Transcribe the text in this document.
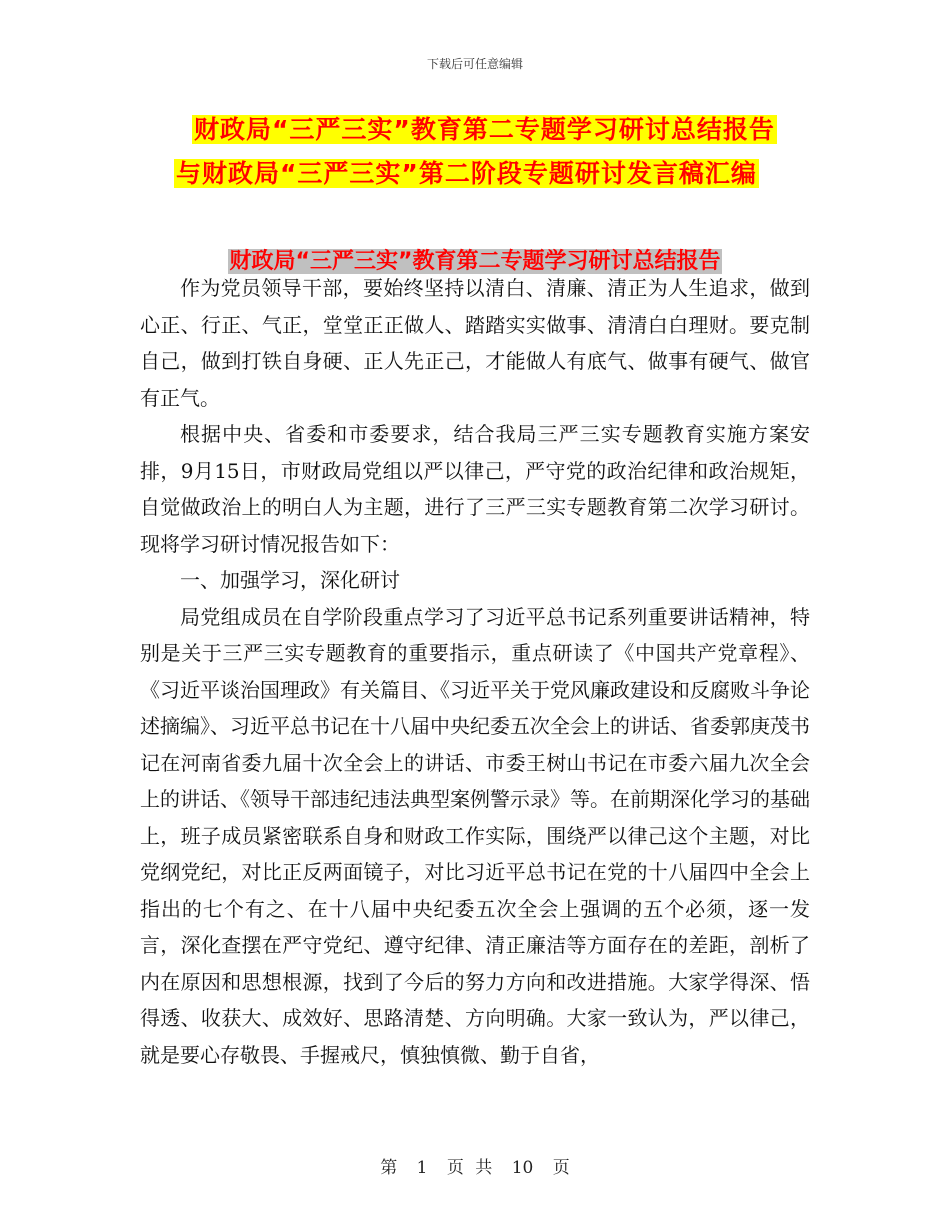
下载后可任意编辑
财政局“三严三实”教育第二专题学习研讨总结报告
与财政局“三严三实”第二阶段专题研讨发言稿汇编
财政局“三严三实”教育第二专题学习研讨总结报告

作为党员领导干部，要始终坚持以清白、清廉、清正为人生追求，做到心正、行正、气正，堂堂正正做人、踏踏实实做事、清清白白理财。要克制自己，做到打铁自身硬、正人先正己，才能做人有底气、做事有硬气、做官有正气。

根据中央、省委和市委要求，结合我局三严三实专题教育实施方案安排，9月15日，市财政局党组以严以律己，严守党的政治纪律和政治规矩，自觉做政治上的明白人为主题，进行了三严三实专题教育第二次学习研讨。现将学习研讨情况报告如下：

一、加强学习，深化研讨

局党组成员在自学阶段重点学习了习近平总书记系列重要讲话精神，特别是关于三严三实专题教育的重要指示，重点研读了《中国共产党章程》、《习近平谈治国理政》有关篇目、《习近平关于党风廉政建设和反腐败斗争论述摘编》、习近平总书记在十八届中央纪委五次全会上的讲话、省委郭庚茂书记在河南省委九届十次全会上的讲话、市委王树山书记在市委六届九次全会上的讲话、《领导干部违纪违法典型案例警示录》等。在前期深化学习的基础上，班子成员紧密联系自身和财政工作实际，围绕严以律己这个主题，对比党纲党纪，对比正反两面镜子，对比习近平总书记在党的十八届四中全会上指出的七个有之、在十八届中央纪委五次全会上强调的五个必须，逐一发言，深化查摆在严守党纪、遵守纪律、清正廉洁等方面存在的差距，剖析了内在原因和思想根源，找到了今后的努力方向和改进措施。大家学得深、悟得透、收获大、成效好、思路清楚、方向明确。大家一致认为，严以律己，就是要心存敬畏、手握戒尺，慎独慎微、勤于自省，

第 1 页 共 10 页
